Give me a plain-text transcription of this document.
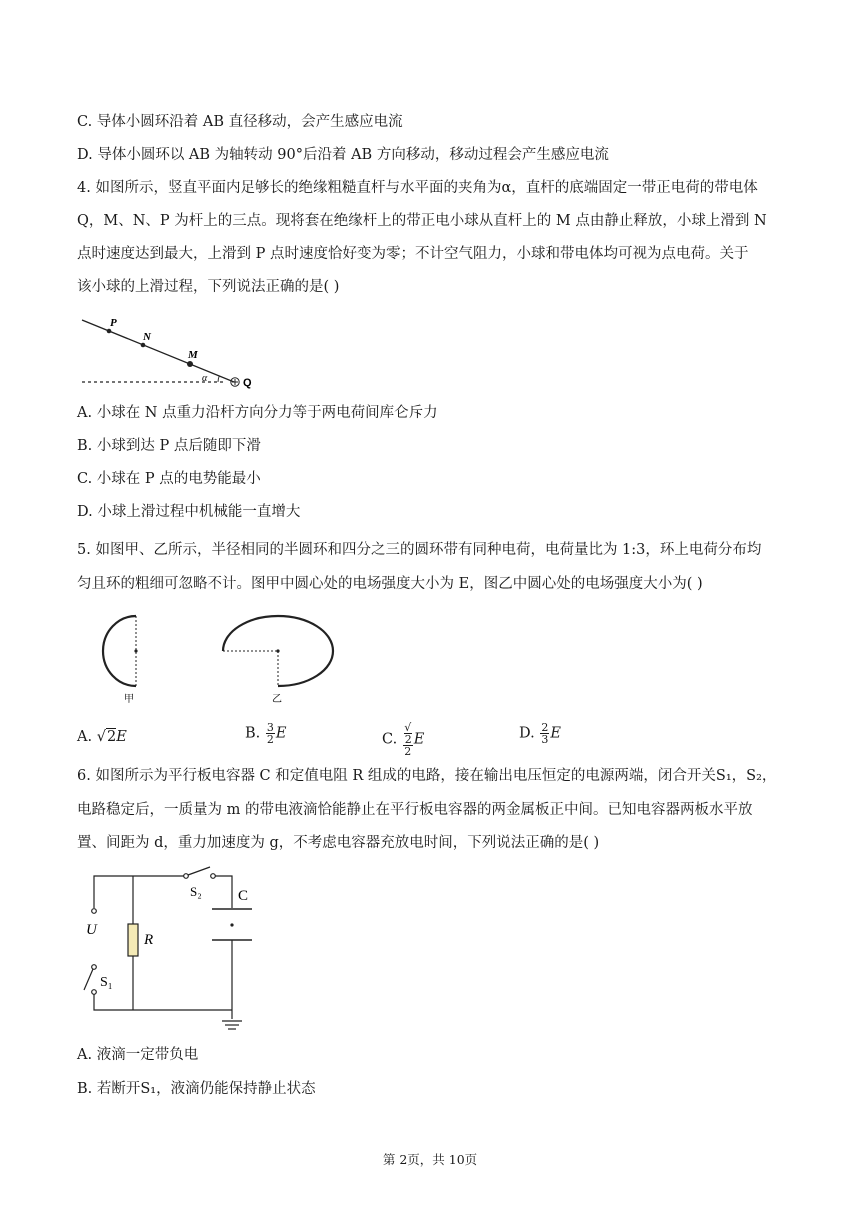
C. 导体小圆环沿着 AB 直径移动，会产生感应电流
D. 导体小圆环以 AB 为轴转动 90°后沿着 AB 方向移动，移动过程会产生感应电流
4. 如图所示，竖直平面内足够长的绝缘粗糙直杆与水平面的夹角为α，直杆的底端固定一带正电荷的带电体
Q，M、N、P 为杆上的三点。现将套在绝缘杆上的带正电小球从直杆上的 M 点由静止释放，小球上滑到 N
点时速度达到最大，上滑到 P 点时速度恰好变为零；不计空气阻力，小球和带电体均可视为点电荷。关于
该小球的上滑过程，下列说法正确的是( )
P
N
M
α	Q
A. 小球在 N 点重力沿杆方向分力等于两电荷间库仑斥力
B. 小球到达 P 点后随即下滑
C. 小球在 P 点的电势能最小
D. 小球上滑过程中机械能一直增大
5. 如图甲、乙所示，半径相同的半圆环和四分之三的圆环带有同种电荷，电荷量比为 1:3，环上电荷分布均
匀且环的粗细可忽略不计。图甲中圆心处的电场强度大小为 E，图乙中圆心处的电场强度大小为( )
甲	乙
A. √2E	B. $\frac{3}{2}$ E	C. √
2
2 E	D. $\frac{2}{3}$ E
6. 如图所示为平行板电容器 C 和定值电阻 R 组成的电路，接在输出电压恒定的电源两端，闭合开关S₁，S₂，
电路稳定后，一质量为 m 的带电液滴恰能静止在平行板电容器的两金属板正中间。已知电容器两板水平放
置、间距为 d，重力加速度为 g，不考虑电容器充放电时间，下列说法正确的是( )
S₂ C
U
R
S₁
A. 液滴一定带负电
B. 若断开S₁，液滴仍能保持静止状态
第 2页，共 10页
